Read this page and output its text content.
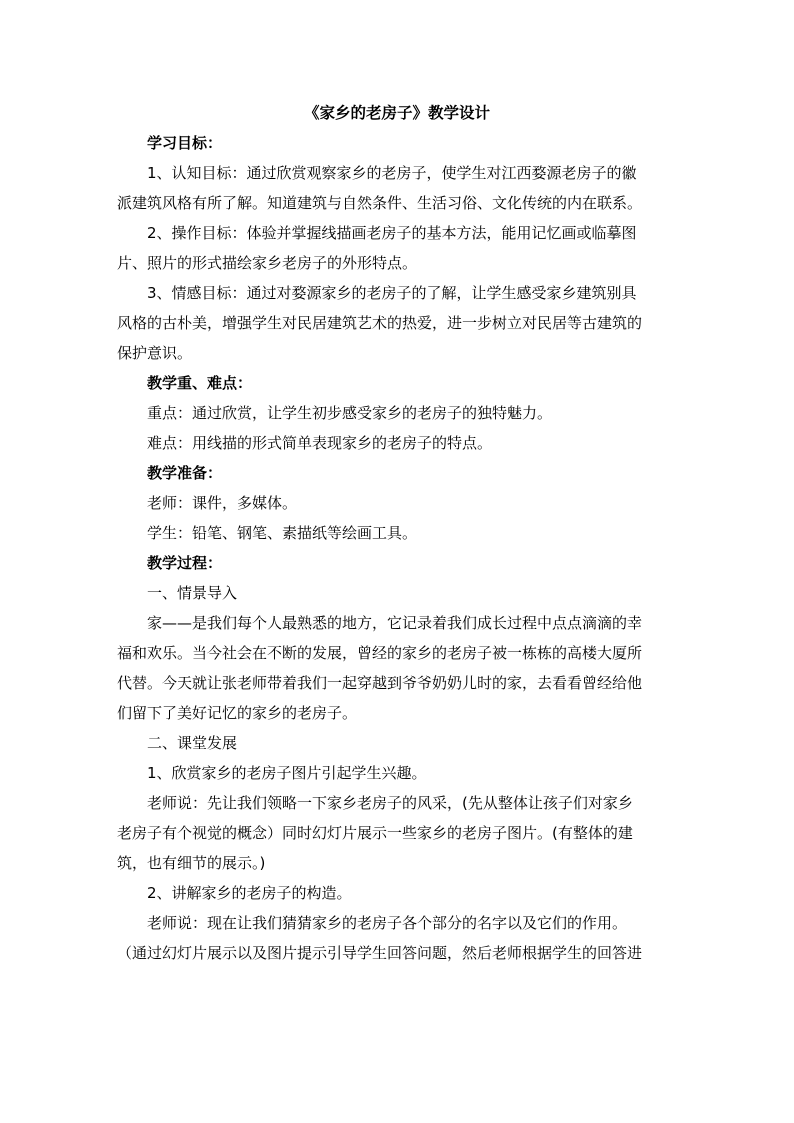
《家乡的老房子》教学设计

学习目标：

1、认知目标：通过欣赏观察家乡的老房子，使学生对江西婺源老房子的徽

派建筑风格有所了解。知道建筑与自然条件、生活习俗、文化传统的内在联系。

2、操作目标：体验并掌握线描画老房子的基本方法，能用记忆画或临摹图

片、照片的形式描绘家乡老房子的外形特点。

3、情感目标：通过对婺源家乡的老房子的了解，让学生感受家乡建筑别具

风格的古朴美，增强学生对民居建筑艺术的热爱，进一步树立对民居等古建筑的

保护意识。

教学重、难点：

重点：通过欣赏，让学生初步感受家乡的老房子的独特魅力。

难点：用线描的形式简单表现家乡的老房子的特点。

教学准备：

老师：课件，多媒体。

学生：铅笔、钢笔、素描纸等绘画工具。

教学过程：

一、情景导入

家——是我们每个人最熟悉的地方，它记录着我们成长过程中点点滴滴的幸

福和欢乐。当今社会在不断的发展，曾经的家乡的老房子被一栋栋的高楼大厦所

代替。今天就让张老师带着我们一起穿越到爷爷奶奶儿时的家，去看看曾经给他

们留下了美好记忆的家乡的老房子。

二、课堂发展

1、欣赏家乡的老房子图片引起学生兴趣。

老师说：先让我们领略一下家乡老房子的风采，(先从整体让孩子们对家乡

老房子有个视觉的概念）同时幻灯片展示一些家乡的老房子图片。(有整体的建

筑，也有细节的展示。)

2、讲解家乡的老房子的构造。

老师说：现在让我们猜猜家乡的老房子各个部分的名字以及它们的作用。

（通过幻灯片展示以及图片提示引导学生回答问题，然后老师根据学生的回答进
